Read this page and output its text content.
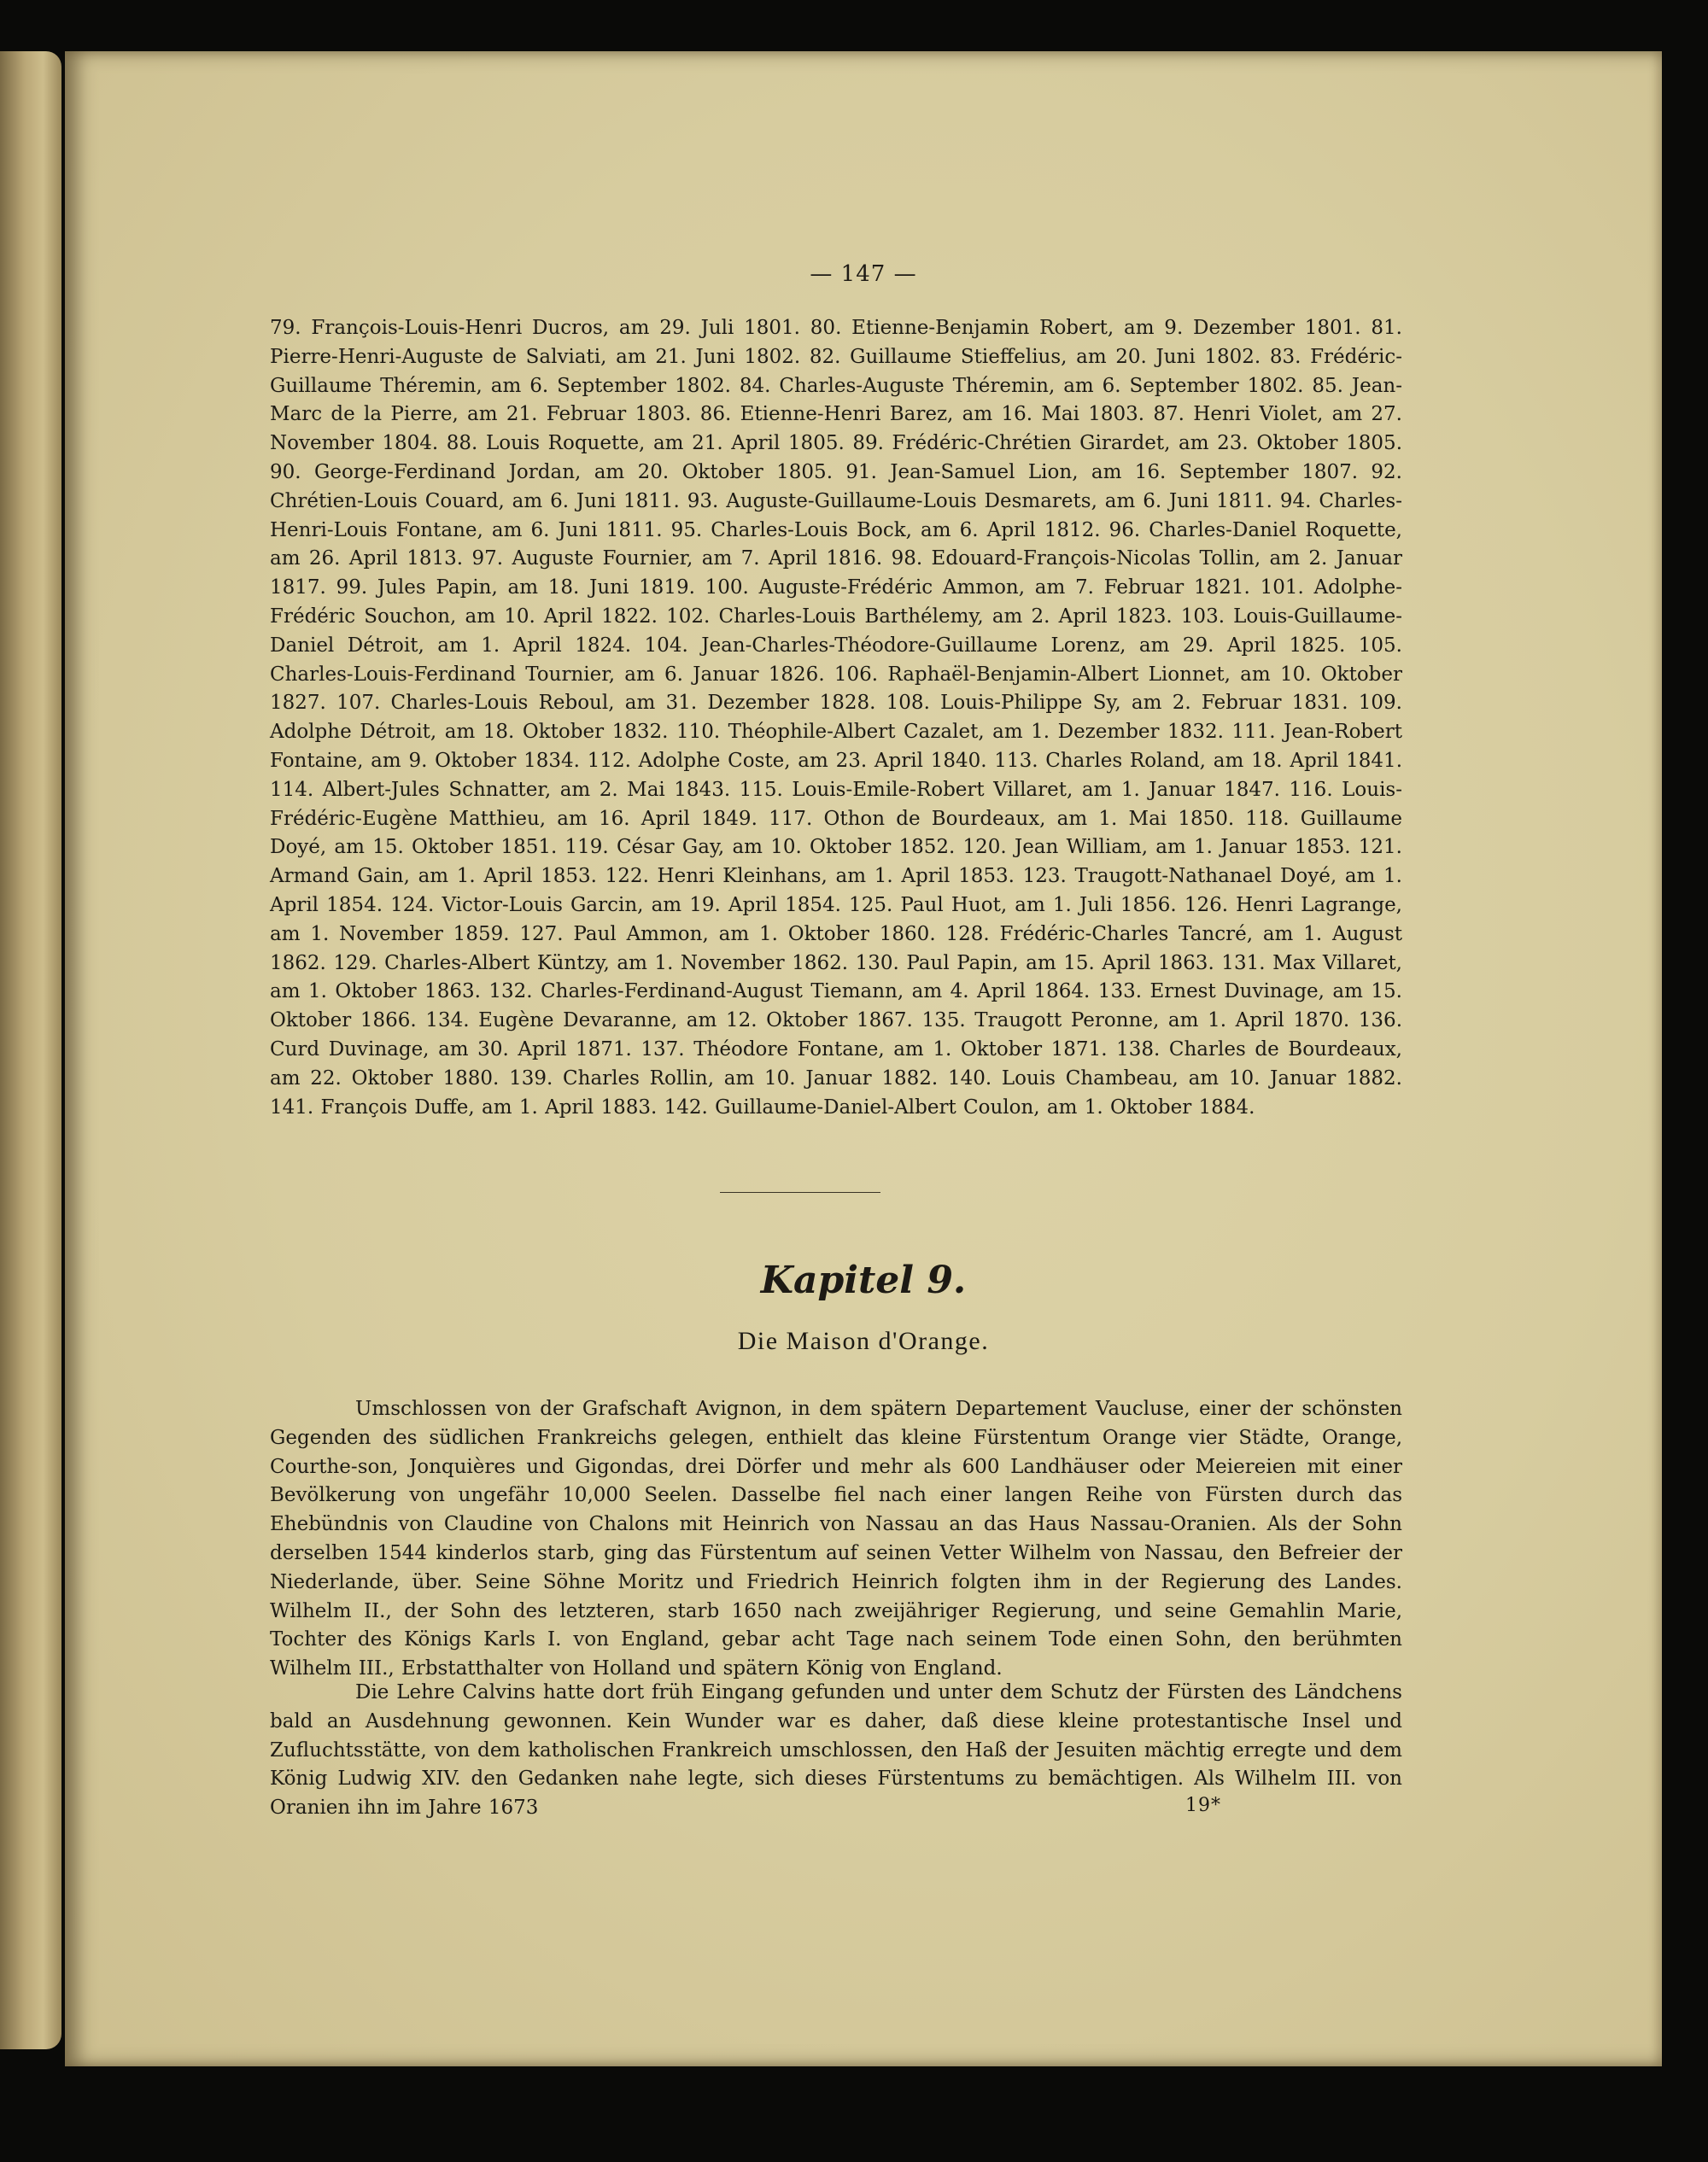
— 147 —
79. François-Louis-Henri Ducros, am 29. Juli 1801. 80. Etienne-Benjamin Robert, am 9. Dezember 1801. 81. Pierre-Henri-Auguste de Salviati, am 21. Juni 1802. 82. Guillaume Stieffelius, am 20. Juni 1802. 83. Frédéric-Guillaume Théremin, am 6. September 1802. 84. Charles-Auguste Théremin, am 6. September 1802. 85. Jean-Marc de la Pierre, am 21. Februar 1803. 86. Etienne-Henri Barez, am 16. Mai 1803. 87. Henri Violet, am 27. November 1804. 88. Louis Roquette, am 21. April 1805. 89. Frédéric-Chrétien Girardet, am 23. Oktober 1805. 90. George-Ferdinand Jordan, am 20. Oktober 1805. 91. Jean-Samuel Lion, am 16. September 1807. 92. Chrétien-Louis Couard, am 6. Juni 1811. 93. Auguste-Guillaume-Louis Desmarets, am 6. Juni 1811. 94. Charles-Henri-Louis Fontane, am 6. Juni 1811. 95. Charles-Louis Bock, am 6. April 1812. 96. Charles-Daniel Roquette, am 26. April 1813. 97. Auguste Fournier, am 7. April 1816. 98. Edouard-François-Nicolas Tollin, am 2. Januar 1817. 99. Jules Papin, am 18. Juni 1819. 100. Auguste-Frédéric Ammon, am 7. Februar 1821. 101. Adolphe-Frédéric Souchon, am 10. April 1822. 102. Charles-Louis Barthélemy, am 2. April 1823. 103. Louis-Guillaume-Daniel Détroit, am 1. April 1824. 104. Jean-Charles-Théodore-Guillaume Lorenz, am 29. April 1825. 105. Charles-Louis-Ferdinand Tournier, am 6. Januar 1826. 106. Raphaël-Benjamin-Albert Lionnet, am 10. Oktober 1827. 107. Charles-Louis Reboul, am 31. Dezember 1828. 108. Louis-Philippe Sy, am 2. Februar 1831. 109. Adolphe Détroit, am 18. Oktober 1832. 110. Théophile-Albert Cazalet, am 1. Dezember 1832. 111. Jean-Robert Fontaine, am 9. Oktober 1834. 112. Adolphe Coste, am 23. April 1840. 113. Charles Roland, am 18. April 1841. 114. Albert-Jules Schnatter, am 2. Mai 1843. 115. Louis-Emile-Robert Villaret, am 1. Januar 1847. 116. Louis-Frédéric-Eugène Matthieu, am 16. April 1849. 117. Othon de Bourdeaux, am 1. Mai 1850. 118. Guillaume Doyé, am 15. Oktober 1851. 119. César Gay, am 10. Oktober 1852. 120. Jean William, am 1. Januar 1853. 121. Armand Gain, am 1. April 1853. 122. Henri Kleinhans, am 1. April 1853. 123. Traugott-Nathanael Doyé, am 1. April 1854. 124. Victor-Louis Garcin, am 19. April 1854. 125. Paul Huot, am 1. Juli 1856. 126. Henri Lagrange, am 1. November 1859. 127. Paul Ammon, am 1. Oktober 1860. 128. Frédéric-Charles Tancré, am 1. August 1862. 129. Charles-Albert Küntzy, am 1. November 1862. 130. Paul Papin, am 15. April 1863. 131. Max Villaret, am 1. Oktober 1863. 132. Charles-Ferdinand-August Tiemann, am 4. April 1864. 133. Ernest Duvinage, am 15. Oktober 1866. 134. Eugène Devaranne, am 12. Oktober 1867. 135. Traugott Peronne, am 1. April 1870. 136. Curd Duvinage, am 30. April 1871. 137. Théodore Fontane, am 1. Oktober 1871. 138. Charles de Bourdeaux, am 22. Oktober 1880. 139. Charles Rollin, am 10. Januar 1882. 140. Louis Chambeau, am 10. Januar 1882. 141. François Duffe, am 1. April 1883. 142. Guillaume-Daniel-Albert Coulon, am 1. Oktober 1884.
Kapitel 9.
Die Maison d'Orange.
Umschlossen von der Grafschaft Avignon, in dem spätern Departement Vaucluse, einer der schönsten Gegenden des südlichen Frankreichs gelegen, enthielt das kleine Fürstentum Orange vier Städte, Orange, Courthe-son, Jonquières und Gigondas, drei Dörfer und mehr als 600 Landhäuser oder Meiereien mit einer Bevölkerung von ungefähr 10,000 Seelen. Dasselbe fiel nach einer langen Reihe von Fürsten durch das Ehebündnis von Claudine von Chalons mit Heinrich von Nassau an das Haus Nassau-Oranien. Als der Sohn derselben 1544 kinderlos starb, ging das Fürstentum auf seinen Vetter Wilhelm von Nassau, den Befreier der Niederlande, über. Seine Söhne Moritz und Friedrich Heinrich folgten ihm in der Regierung des Landes. Wilhelm II., der Sohn des letzteren, starb 1650 nach zweijähriger Regierung, und seine Gemahlin Marie, Tochter des Königs Karls I. von England, gebar acht Tage nach seinem Tode einen Sohn, den berühmten Wilhelm III., Erbstatthalter von Holland und spätern König von England.
Die Lehre Calvins hatte dort früh Eingang gefunden und unter dem Schutz der Fürsten des Ländchens bald an Ausdehnung gewonnen. Kein Wunder war es daher, daß diese kleine protestantische Insel und Zufluchtsstätte, von dem katholischen Frankreich umschlossen, den Haß der Jesuiten mächtig erregte und dem König Ludwig XIV. den Gedanken nahe legte, sich dieses Fürstentums zu bemächtigen. Als Wilhelm III. von Oranien ihn im Jahre 1673	19*
